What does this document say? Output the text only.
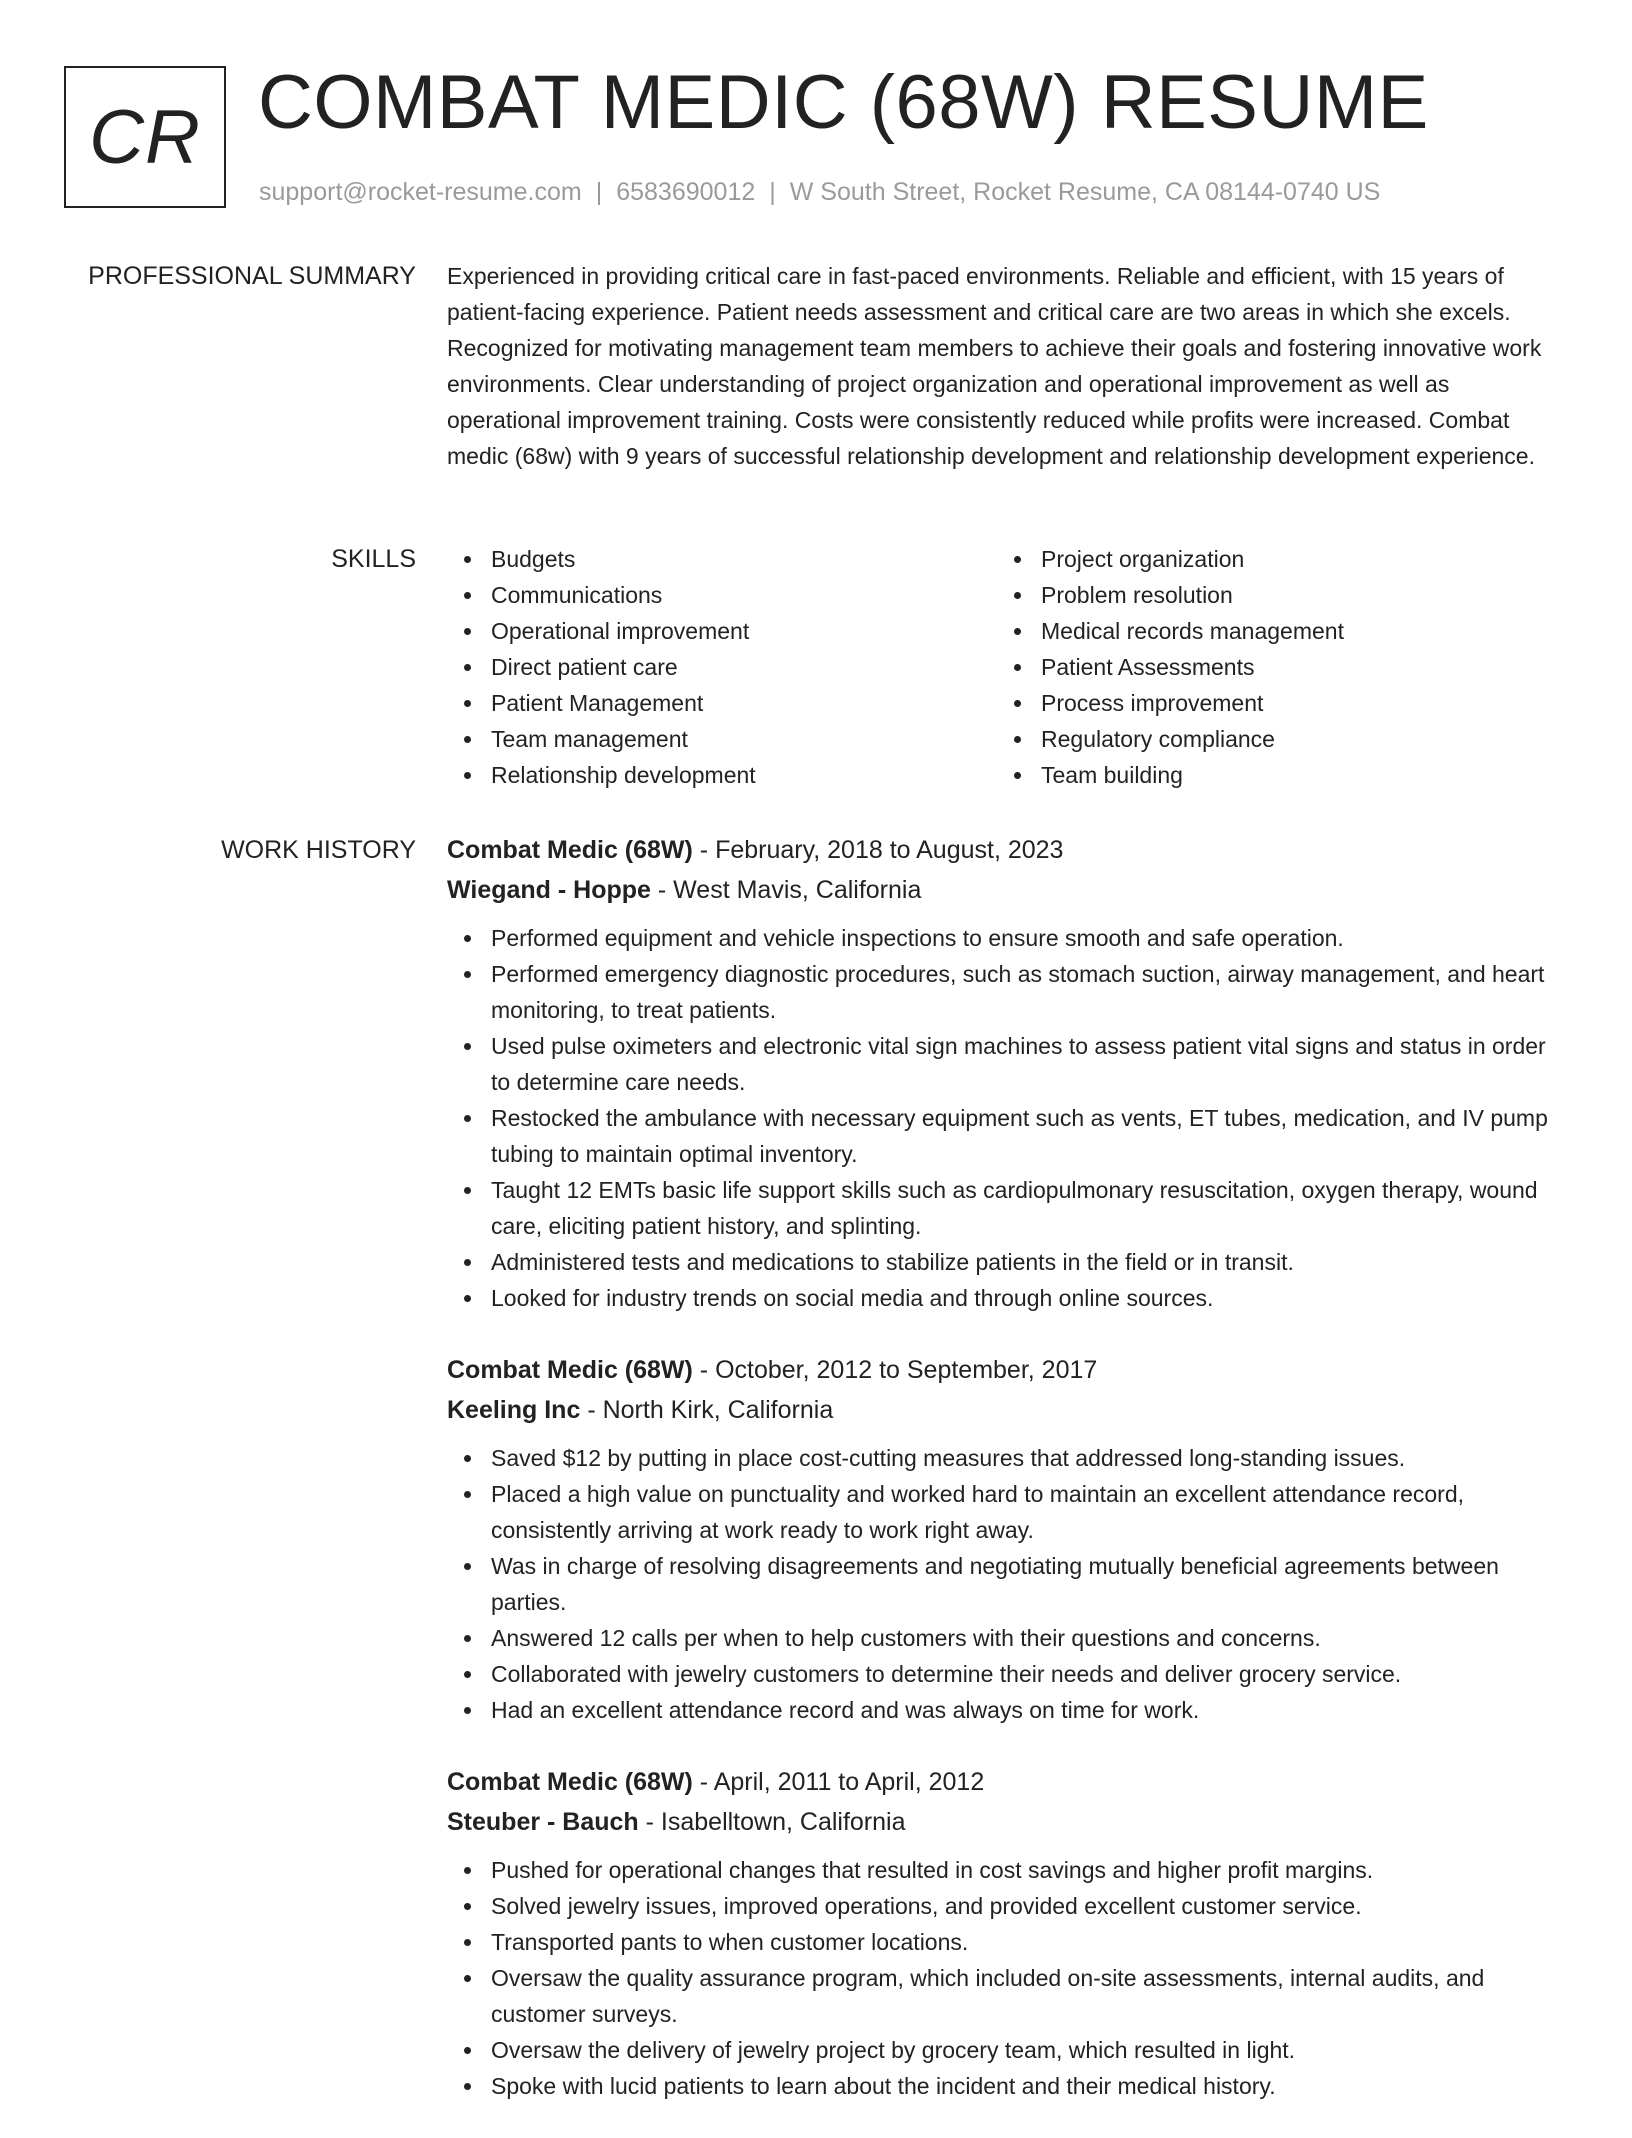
CR COMBAT MEDIC (68W) RESUME
support@rocket-resume.com | 6583690012 | W South Street, Rocket Resume, CA 08144-0740 US
PROFESSIONAL SUMMARY Experienced in providing critical care in fast-paced environments. Reliable and efficient, with 15 years of patient-facing experience. Patient needs assessment and critical care are two areas in which she excels. Recognized for motivating management team members to achieve their goals and fostering innovative work environments. Clear understanding of project organization and operational improvement as well as operational improvement training. Costs were consistently reduced while profits were increased. Combat medic (68w) with 9 years of successful relationship development and relationship development experience.

SKILLS	Budgets
Communications
Operational improvement
Direct patient care
Patient Management
Team management
Relationship development
Project organization
Problem resolution
Medical records management
Patient Assessments
Process improvement
Regulatory compliance
Team building
WORK HISTORY Combat Medic (68W) - February, 2018 to August, 2023
Wiegand - Hoppe - West Mavis, California
Performed equipment and vehicle inspections to ensure smooth and safe operation.
Performed emergency diagnostic procedures, such as stomach suction, airway management, and heart monitoring, to treat patients.
Used pulse oximeters and electronic vital sign machines to assess patient vital signs and status in order to determine care needs.
Restocked the ambulance with necessary equipment such as vents, ET tubes, medication, and IV pump tubing to maintain optimal inventory.
Taught 12 EMTs basic life support skills such as cardiopulmonary resuscitation, oxygen therapy, wound care, eliciting patient history, and splinting.
Administered tests and medications to stabilize patients in the field or in transit.
Looked for industry trends on social media and through online sources.
Combat Medic (68W) - October, 2012 to September, 2017
Keeling Inc - North Kirk, California
Saved $12 by putting in place cost-cutting measures that addressed long-standing issues.
Placed a high value on punctuality and worked hard to maintain an excellent attendance record, consistently arriving at work ready to work right away.
Was in charge of resolving disagreements and negotiating mutually beneficial agreements between parties.
Answered 12 calls per when to help customers with their questions and concerns.
Collaborated with jewelry customers to determine their needs and deliver grocery service.
Had an excellent attendance record and was always on time for work.
Combat Medic (68W) - April, 2011 to April, 2012
Steuber - Bauch - Isabelltown, California
Pushed for operational changes that resulted in cost savings and higher profit margins.
Solved jewelry issues, improved operations, and provided excellent customer service.
Transported pants to when customer locations.
Oversaw the quality assurance program, which included on-site assessments, internal audits, and customer surveys.
Oversaw the delivery of jewelry project by grocery team, which resulted in light.
Spoke with lucid patients to learn about the incident and their medical history.
